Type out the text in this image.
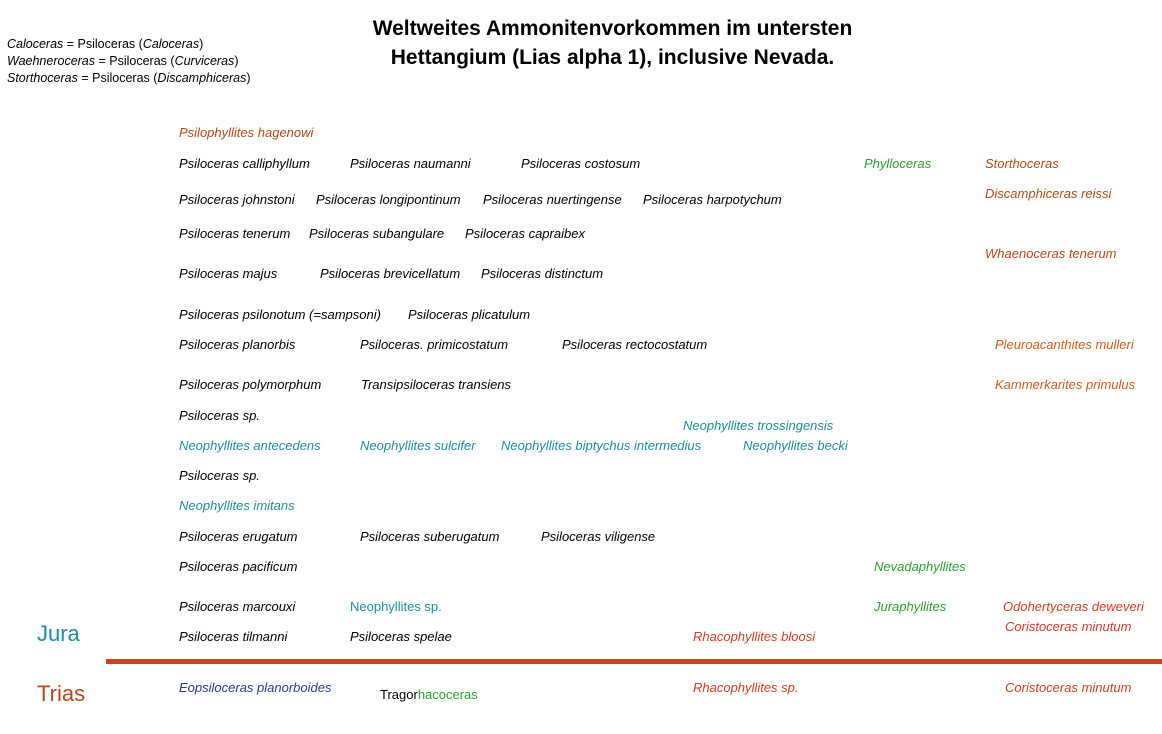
Weltweites Ammonitenvorkommen im untersten
Hettangium (Lias alpha 1), inclusive Nevada.
Caloceras = Psiloceras (Caloceras)
Waehneroceras = Psiloceras (Curviceras)
Storthoceras = Psiloceras (Discamphiceras)
Psilophyllites hagenowi
Psiloceras calliphyllum	Psiloceras naumanni	Psiloceras costosum	Phylloceras	Storthoceras
Psiloceras johnstoni Psiloceras longipontinum Psiloceras nuertingense Psiloceras harpotychum	Discamphiceras reissi
Psiloceras tenerum Psiloceras subangulare Psiloceras capraibex
Whaenoceras tenerum
Psiloceras majus	Psiloceras brevicellatum Psiloceras distinctum
Psiloceras psilonotum (=sampsoni) Psiloceras plicatulum
Psiloceras planorbis	Psiloceras. primicostatum	Psiloceras rectocostatum	Pleuroacanthites mulleri
Psiloceras polymorphum	Transipsiloceras transiens	Kammerkarites primulus
Psiloceras sp.
Neophyllites trossingensis
Neophyllites antecedens	Neophyllites sulcifer Neophyllites biptychus intermedius	Neophyllites becki
Psiloceras sp.
Neophyllites imitans
Psiloceras erugatum	Psiloceras suberugatum	Psiloceras viligense
Psiloceras pacificum	Nevadaphyllites
Psiloceras marcouxi	Neophyllites sp.	Juraphyllites	Odohertyceras deweveri
Coristoceras minutum
Psiloceras tilmanni	Psiloceras spelae	Rhacophyllites bloosi
Jura
Trias	Eopsiloceras planorboides	Tragorhacoceras	Rhacophyllites sp.	Coristoceras minutum
